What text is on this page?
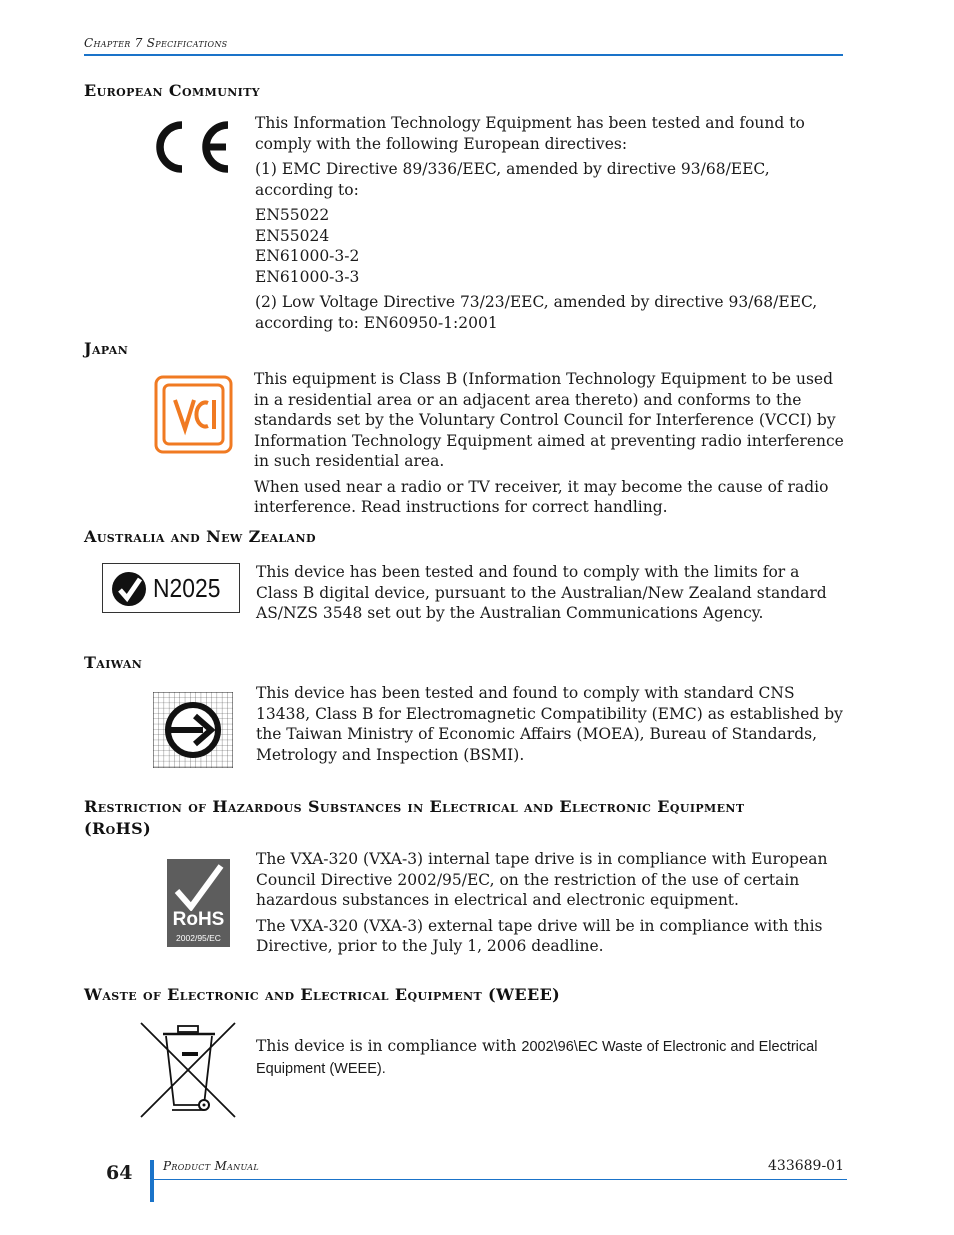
Chapter 7 Specifications
European Community

This Information Technology Equipment has been tested and found to comply with the following European directives:

(1) EMC Directive 89/336/EEC, amended by directive 93/68/EEC, according to:

EN55022
EN55024
EN61000-3-2
EN61000-3-3

(2) Low Voltage Directive 73/23/EEC, amended by directive 93/68/EEC, according to: EN60950-1:2001

Japan

This equipment is Class B (Information Technology Equipment to be used in a residential area or an adjacent area thereto) and conforms to the standards set by the Voluntary Control Council for Interference (VCCI) by Information Technology Equipment aimed at preventing radio interference in such residential area.

When used near a radio or TV receiver, it may become the cause of radio interference. Read instructions for correct handling.

Australia and New Zealand
N2025

This device has been tested and found to comply with the limits for a Class B digital device, pursuant to the Australian/New Zealand standard AS/NZS 3548 set out by the Australian Communications Agency.

Taiwan

This device has been tested and found to comply with standard CNS 13438, Class B for Electromagnetic Compatibility (EMC) as established by the Taiwan Ministry of Economic Affairs (MOEA), Bureau of Standards, Metrology and Inspection (BSMI).

Restriction of Hazardous Substances in Electrical and Electronic Equipment
(RoHS)
RoHS
2002/95/EC

The VXA-320 (VXA-3) internal tape drive is in compliance with European Council Directive 2002/95/EC, on the restriction of the use of certain hazardous substances in electrical and electronic equipment.

The VXA-320 (VXA-3) external tape drive will be in compliance with this Directive, prior to the July 1, 2006 deadline.

Waste of Electronic and Electrical Equipment (WEEE)

This device is in compliance with 2002\96\EC Waste of Electronic and Electrical Equipment (WEEE).

64	Product Manual	433689-01
